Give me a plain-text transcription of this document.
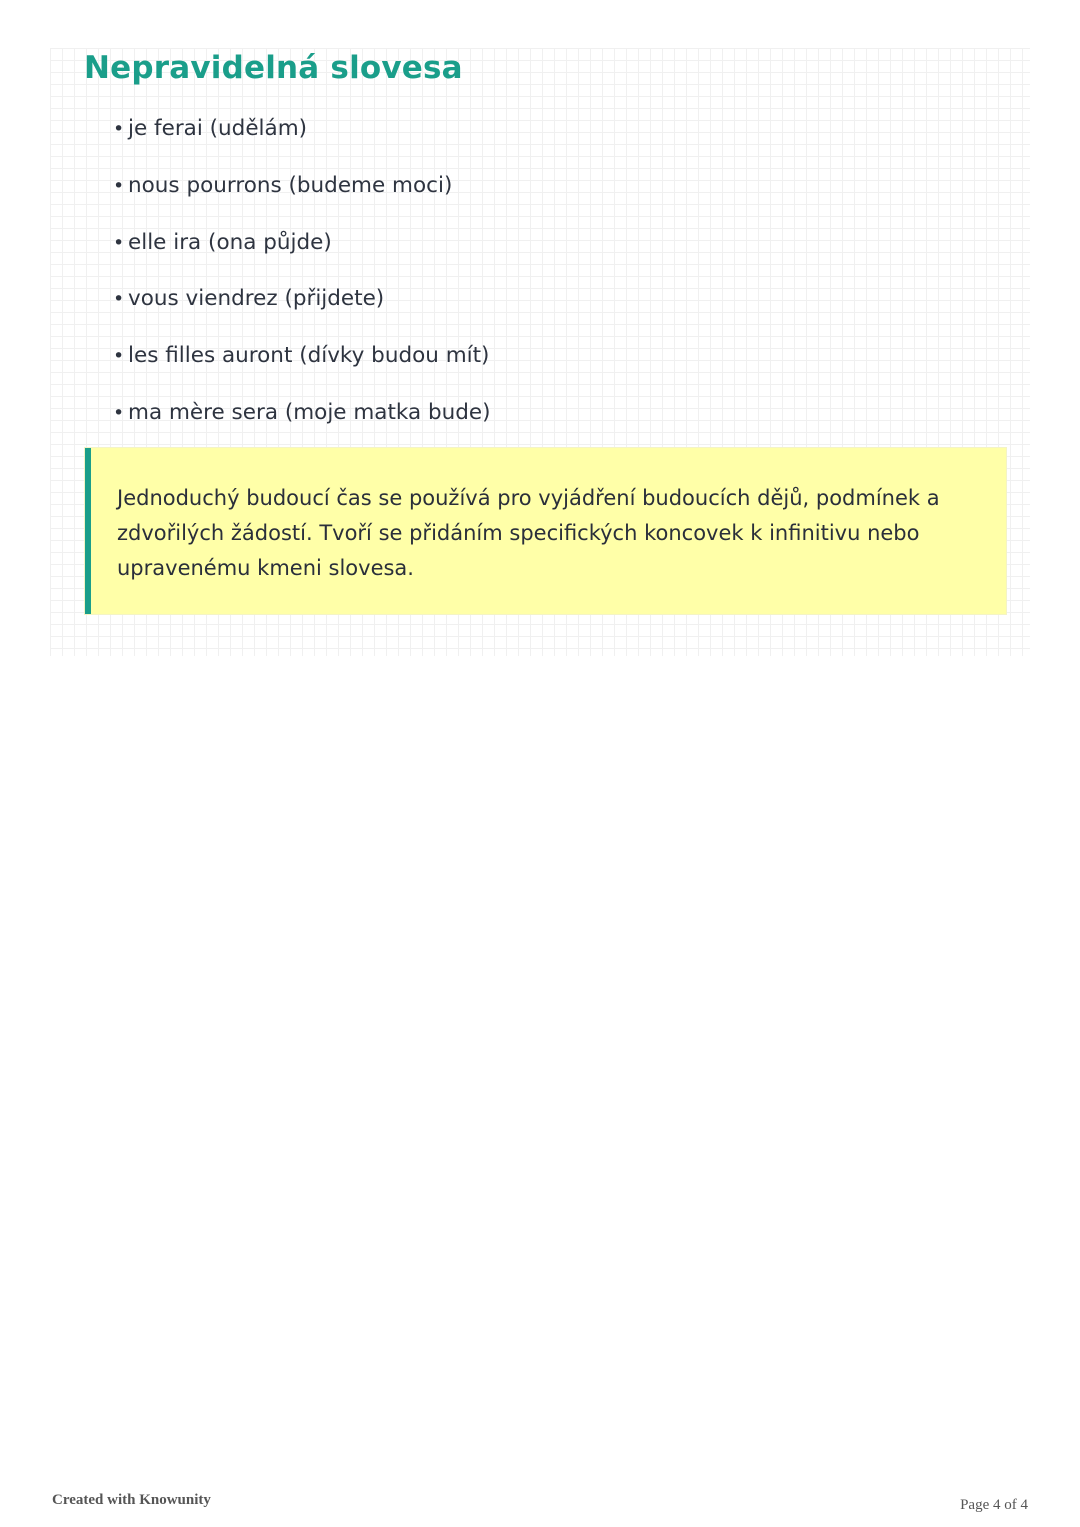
Nepravidelná slovesa
• je ferai (udělám)
• nous pourrons (budeme moci)
• elle ira (ona půjde)
• vous viendrez (přijdete)
• les filles auront (dívky budou mít)
• ma mère sera (moje matka bude)

Jednoduchý budoucí čas se používá pro vyjádření budoucích dějů, podmínek a zdvořilých žádostí. Tvoří se přidáním specifických koncovek k infinitivu nebo upravenému kmeni slovesa.

Created with Knowunity	Page 4 of 4
